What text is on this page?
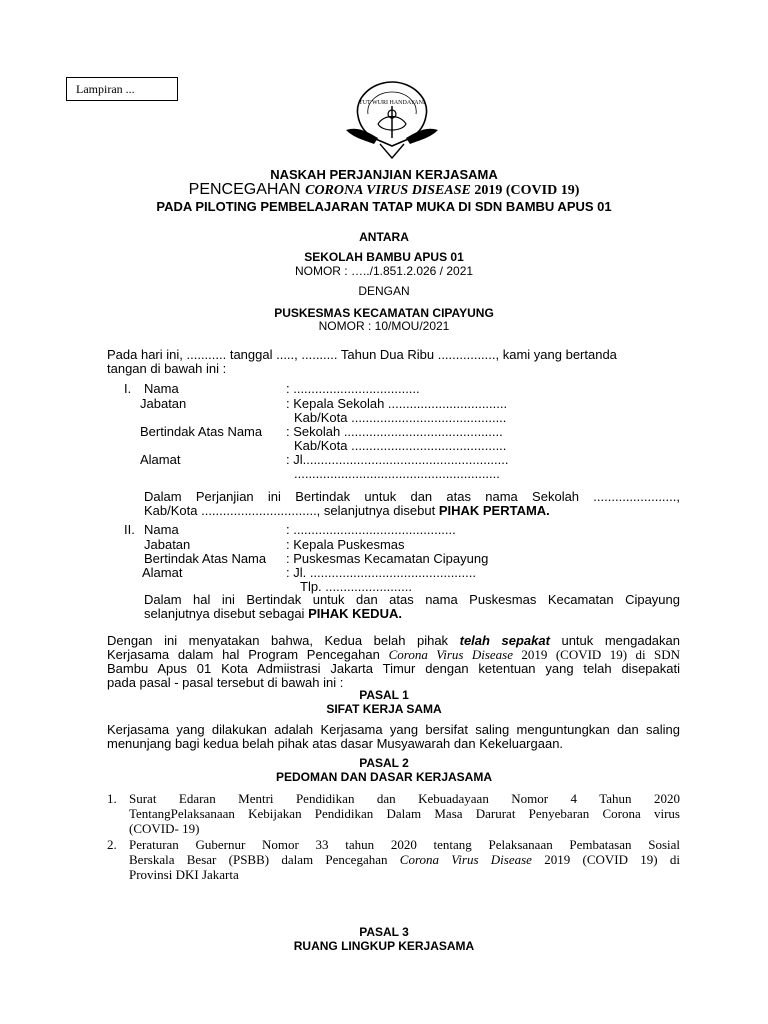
Lampiran ...
TUT WURI HANDAYANI
NASKAH PERJANJIAN KERJASAMA
PENCEGAHAN CORONA VIRUS DISEASE 2019 (COVID 19)
PADA PILOTING PEMBELAJARAN TATAP MUKA DI SDN BAMBU APUS 01
ANTARA
SEKOLAH BAMBU APUS 01
NOMOR : …../1.851.2.026 / 2021
DENGAN
PUSKESMAS KECAMATAN CIPAYUNG
NOMOR : 10/MOU/2021
Pada hari ini, ........... tanggal ....., .......... Tahun Dua Ribu ................, kami yang bertanda
tangan di bawah ini :
I. Nama	: ...................................
Jabatan	: Kepala Sekolah .................................
Kab/Kota ...........................................
Bertindak Atas Nama : Sekolah ............................................
Kab/Kota ...........................................
Alamat	: Jl.........................................................
.........................................................
Dalam Perjanjian ini Bertindak untuk dan atas nama Sekolah .......................,
Kab/Kota ................................, selanjutnya disebut PIHAK PERTAMA.
II. Nama	: .............................................
Jabatan	: Kepala Puskesmas
Bertindak Atas Nama : Puskesmas Kecamatan Cipayung
Alamat	: Jl. ..............................................
Tlp. ........................
Dalam hal ini Bertindak untuk dan atas nama Puskesmas Kecamatan Cipayung
selanjutnya disebut sebagai PIHAK KEDUA.
Dengan ini menyatakan bahwa, Kedua belah pihak telah sepakat untuk mengadakan
Kerjasama dalam hal Program Pencegahan Corona Virus Disease 2019 (COVID 19) di SDN
Bambu Apus 01 Kota Admiistrasi Jakarta Timur dengan ketentuan yang telah disepakati
pada pasal - pasal tersebut di bawah ini :
PASAL 1
SIFAT KERJA SAMA
Kerjasama yang dilakukan adalah Kerjasama yang bersifat saling menguntungkan dan saling
menunjang bagi kedua belah pihak atas dasar Musyawarah dan Kekeluargaan.
PASAL 2
PEDOMAN DAN DASAR KERJASAMA
1. Surat Edaran Mentri Pendidikan dan Kebuadayaan Nomor 4 Tahun 2020
TentangPelaksanaan Kebijakan Pendidikan Dalam Masa Darurat Penyebaran Corona virus
(COVID- 19)
2. Peraturan Gubernur Nomor 33 tahun 2020 tentang Pelaksanaan Pembatasan Sosial
Berskala Besar (PSBB) dalam Pencegahan Corona Virus Disease 2019 (COVID 19) di
Provinsi DKI Jakarta
PASAL 3
RUANG LINGKUP KERJASAMA
